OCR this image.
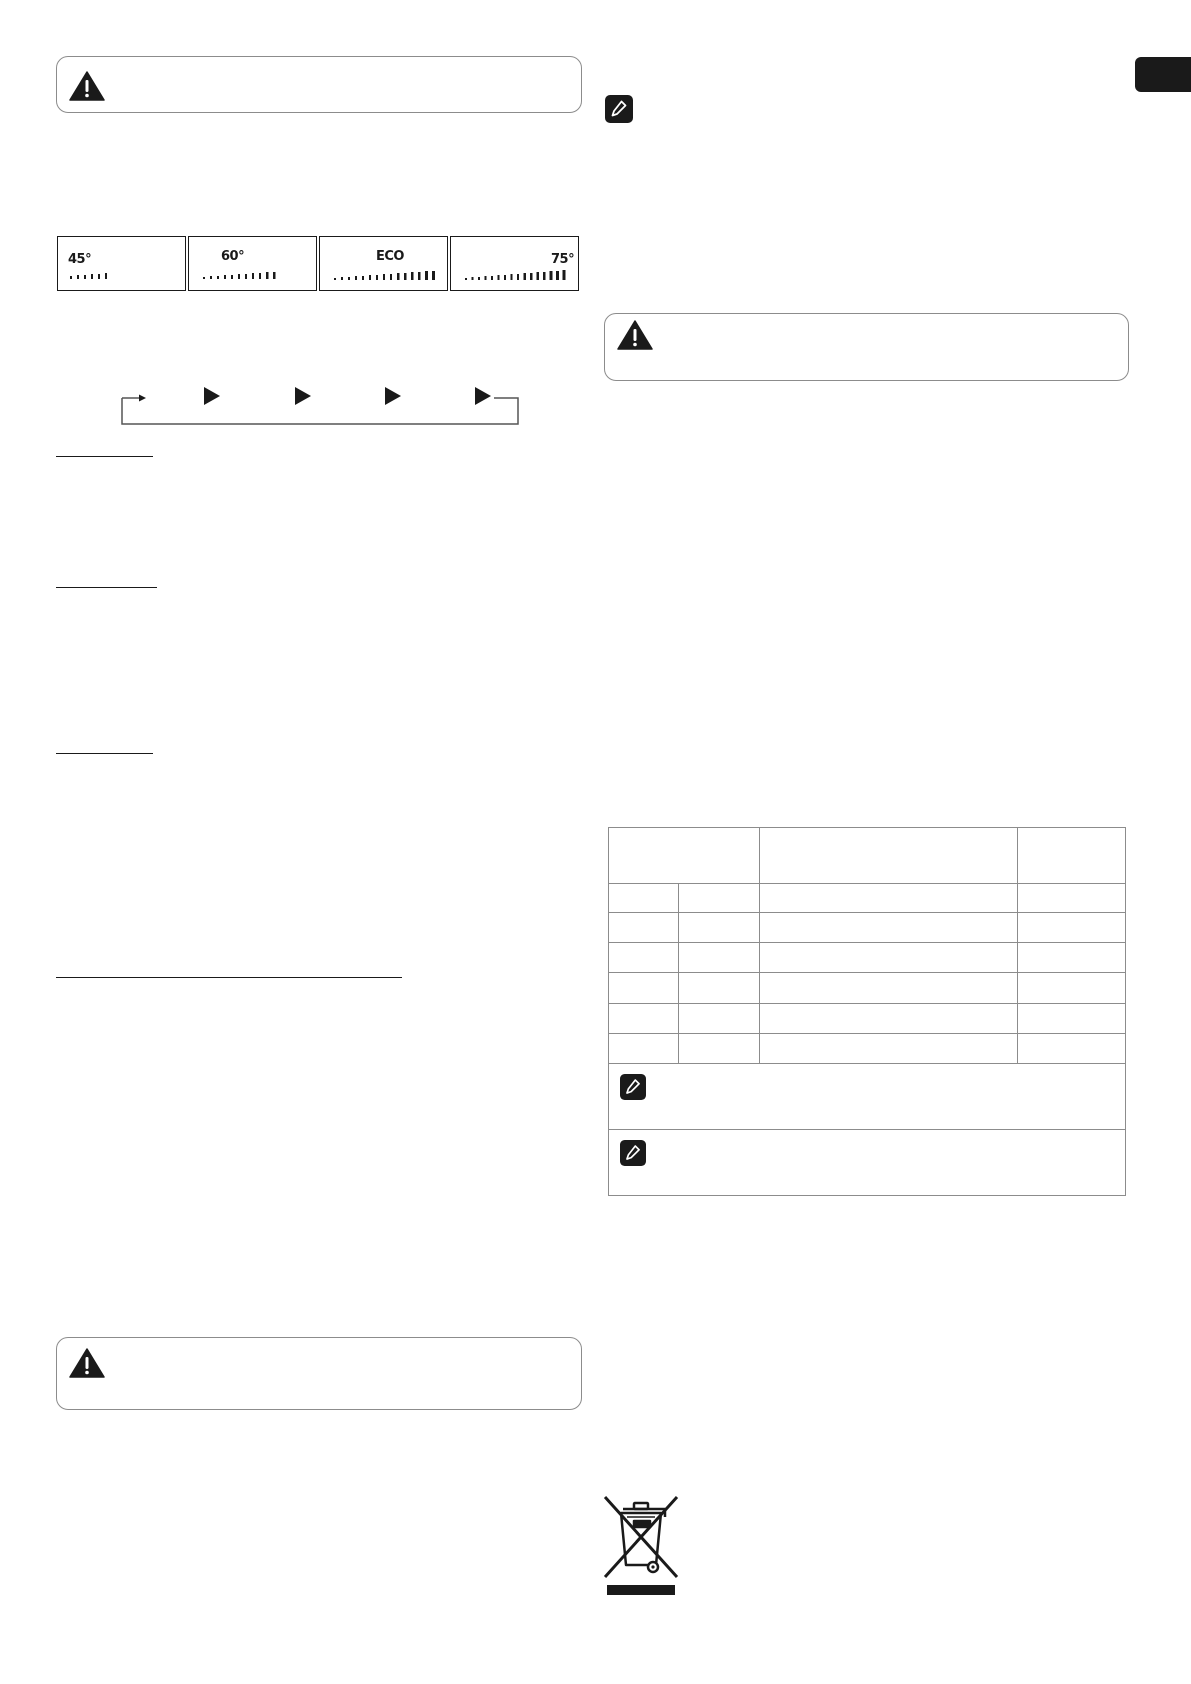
45°	60°	ECO	75°
